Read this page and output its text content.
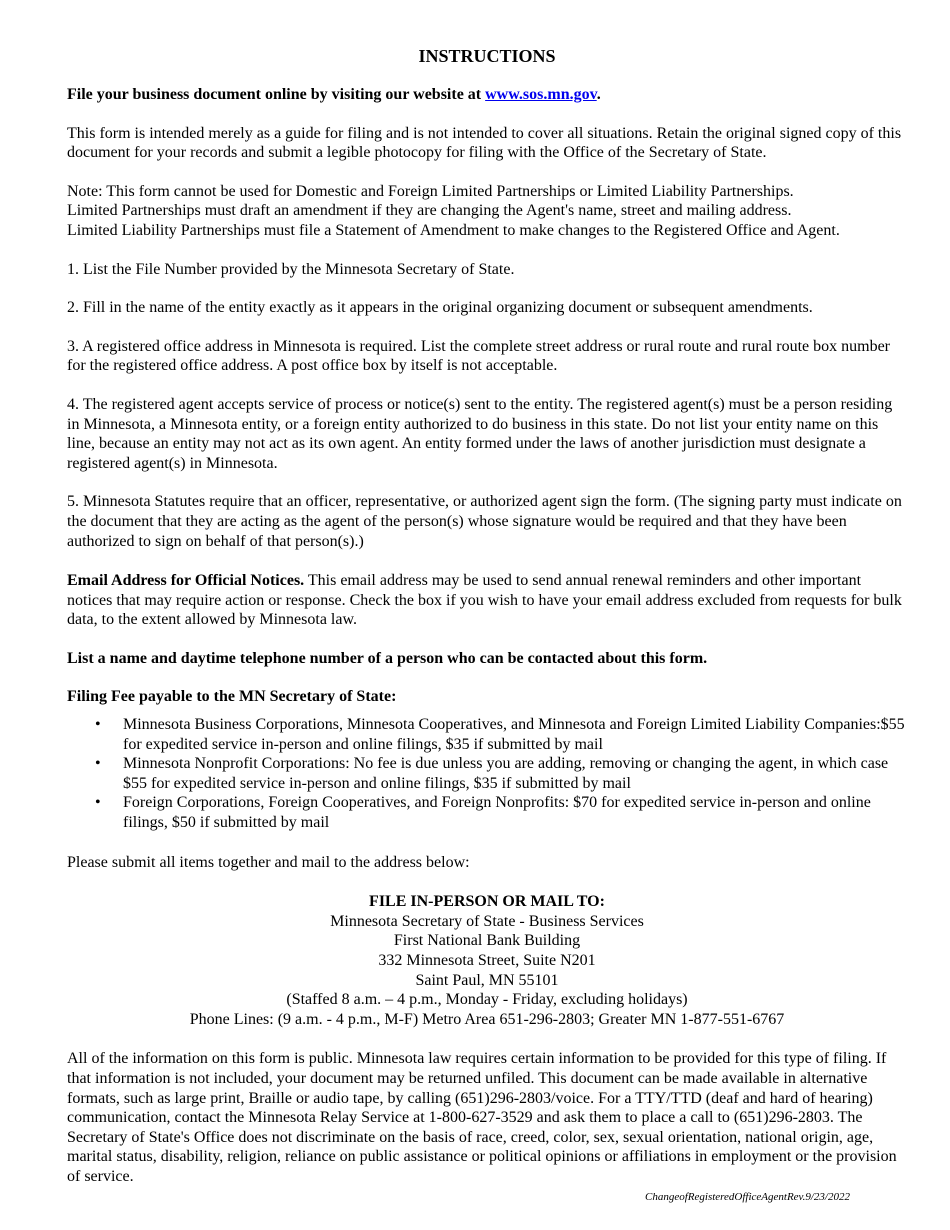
INSTRUCTIONS

File your business document online by visiting our website at www.sos.mn.gov.

This form is intended merely as a guide for filing and is not intended to cover all situations. Retain the original signed copy of this document for your records and submit a legible photocopy for filing with the Office of the Secretary of State.

Note: This form cannot be used for Domestic and Foreign Limited Partnerships or Limited Liability Partnerships.
Limited Partnerships must draft an amendment if they are changing the Agent's name, street and mailing address.
Limited Liability Partnerships must file a Statement of Amendment to make changes to the Registered Office and Agent.

1. List the File Number provided by the Minnesota Secretary of State.

2. Fill in the name of the entity exactly as it appears in the original organizing document or subsequent amendments.

3. A registered office address in Minnesota is required. List the complete street address or rural route and rural route box number for the registered office address. A post office box by itself is not acceptable.

4. The registered agent accepts service of process or notice(s) sent to the entity. The registered agent(s) must be a person residing in Minnesota, a Minnesota entity, or a foreign entity authorized to do business in this state. Do not list your entity name on this line, because an entity may not act as its own agent. An entity formed under the laws of another jurisdiction must designate a registered agent(s) in Minnesota.

5. Minnesota Statutes require that an officer, representative, or authorized agent sign the form. (The signing party must indicate on the document that they are acting as the agent of the person(s) whose signature would be required and that they have been authorized to sign on behalf of that person(s).)

Email Address for Official Notices. This email address may be used to send annual renewal reminders and other important notices that may require action or response. Check the box if you wish to have your email address excluded from requests for bulk data, to the extent allowed by Minnesota law.

List a name and daytime telephone number of a person who can be contacted about this form.

Filing Fee payable to the MN Secretary of State:

• Minnesota Business Corporations, Minnesota Cooperatives, and Minnesota and Foreign Limited Liability Companies:$55 for expedited service in-person and online filings, $35 if submitted by mail
• Minnesota Nonprofit Corporations: No fee is due unless you are adding, removing or changing the agent, in which case $55 for expedited service in-person and online filings, $35 if submitted by mail
• Foreign Corporations, Foreign Cooperatives, and Foreign Nonprofits: $70 for expedited service in-person and online filings, $50 if submitted by mail

Please submit all items together and mail to the address below:

FILE IN-PERSON OR MAIL TO:
Minnesota Secretary of State - Business Services
First National Bank Building
332 Minnesota Street, Suite N201
Saint Paul, MN 55101
(Staffed 8 a.m. – 4 p.m., Monday - Friday, excluding holidays)
Phone Lines: (9 a.m. - 4 p.m., M-F) Metro Area 651-296-2803; Greater MN 1-877-551-6767

All of the information on this form is public. Minnesota law requires certain information to be provided for this type of filing. If that information is not included, your document may be returned unfiled. This document can be made available in alternative formats, such as large print, Braille or audio tape, by calling (651)296-2803/voice. For a TTY/TTD (deaf and hard of hearing) communication, contact the Minnesota Relay Service at 1-800-627-3529 and ask them to place a call to (651)296-2803. The Secretary of State's Office does not discriminate on the basis of race, creed, color, sex, sexual orientation, national origin, age, marital status, disability, religion, reliance on public assistance or political opinions or affiliations in employment or the provision of service.

ChangeofRegisteredOfficeAgentRev.9/23/2022
